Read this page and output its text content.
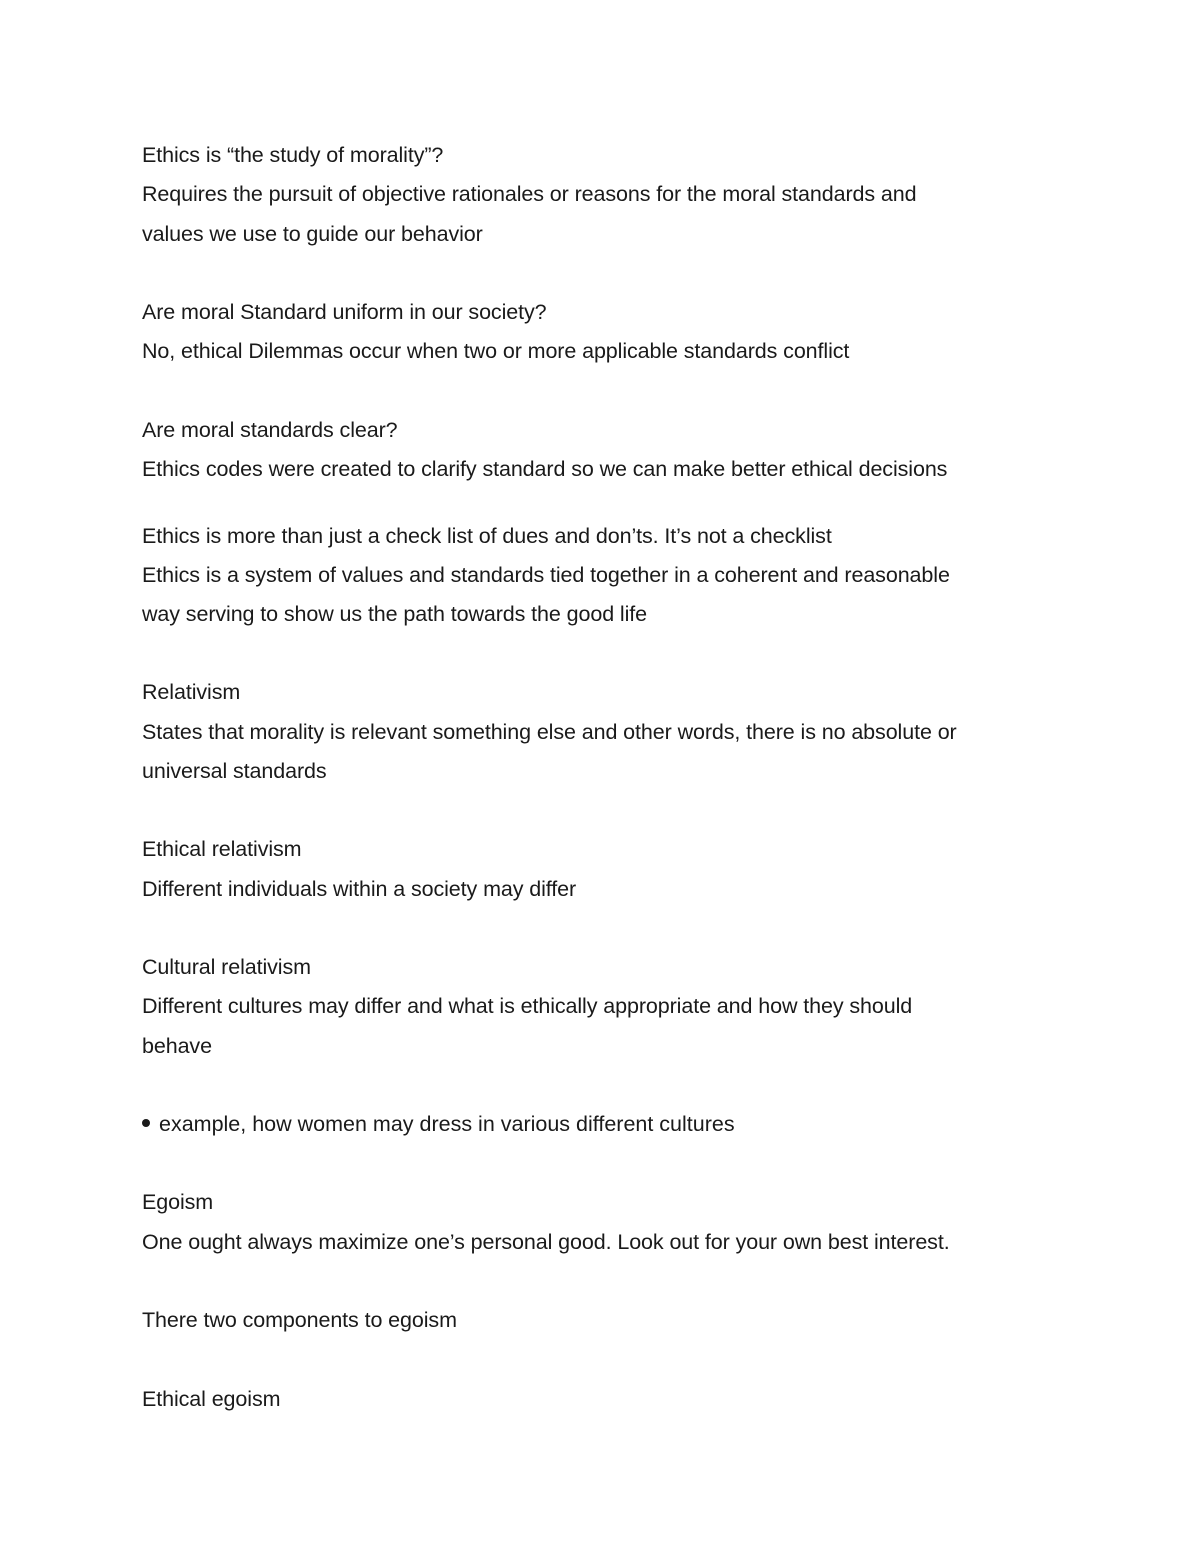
Ethics is “the study of morality”?
Requires the pursuit of objective rationales or reasons for the moral standards and
values we use to guide our behavior
Are moral Standard uniform in our society?
No, ethical Dilemmas occur when two or more applicable standards conflict
Are moral standards clear?
Ethics codes were created to clarify standard so we can make better ethical decisions
Ethics is more than just a check list of dues and don’ts. It’s not a checklist
Ethics is a system of values and standards tied together in a coherent and reasonable
way serving to show us the path towards the good life
Relativism
States that morality is relevant something else and other words, there is no absolute or
universal standards
Ethical relativism
Different individuals within a society may differ
Cultural relativism
Different cultures may differ and what is ethically appropriate and how they should
behave
example, how women may dress in various different cultures
Egoism
One ought always maximize one’s personal good. Look out for your own best interest.
There two components to egoism
Ethical egoism
